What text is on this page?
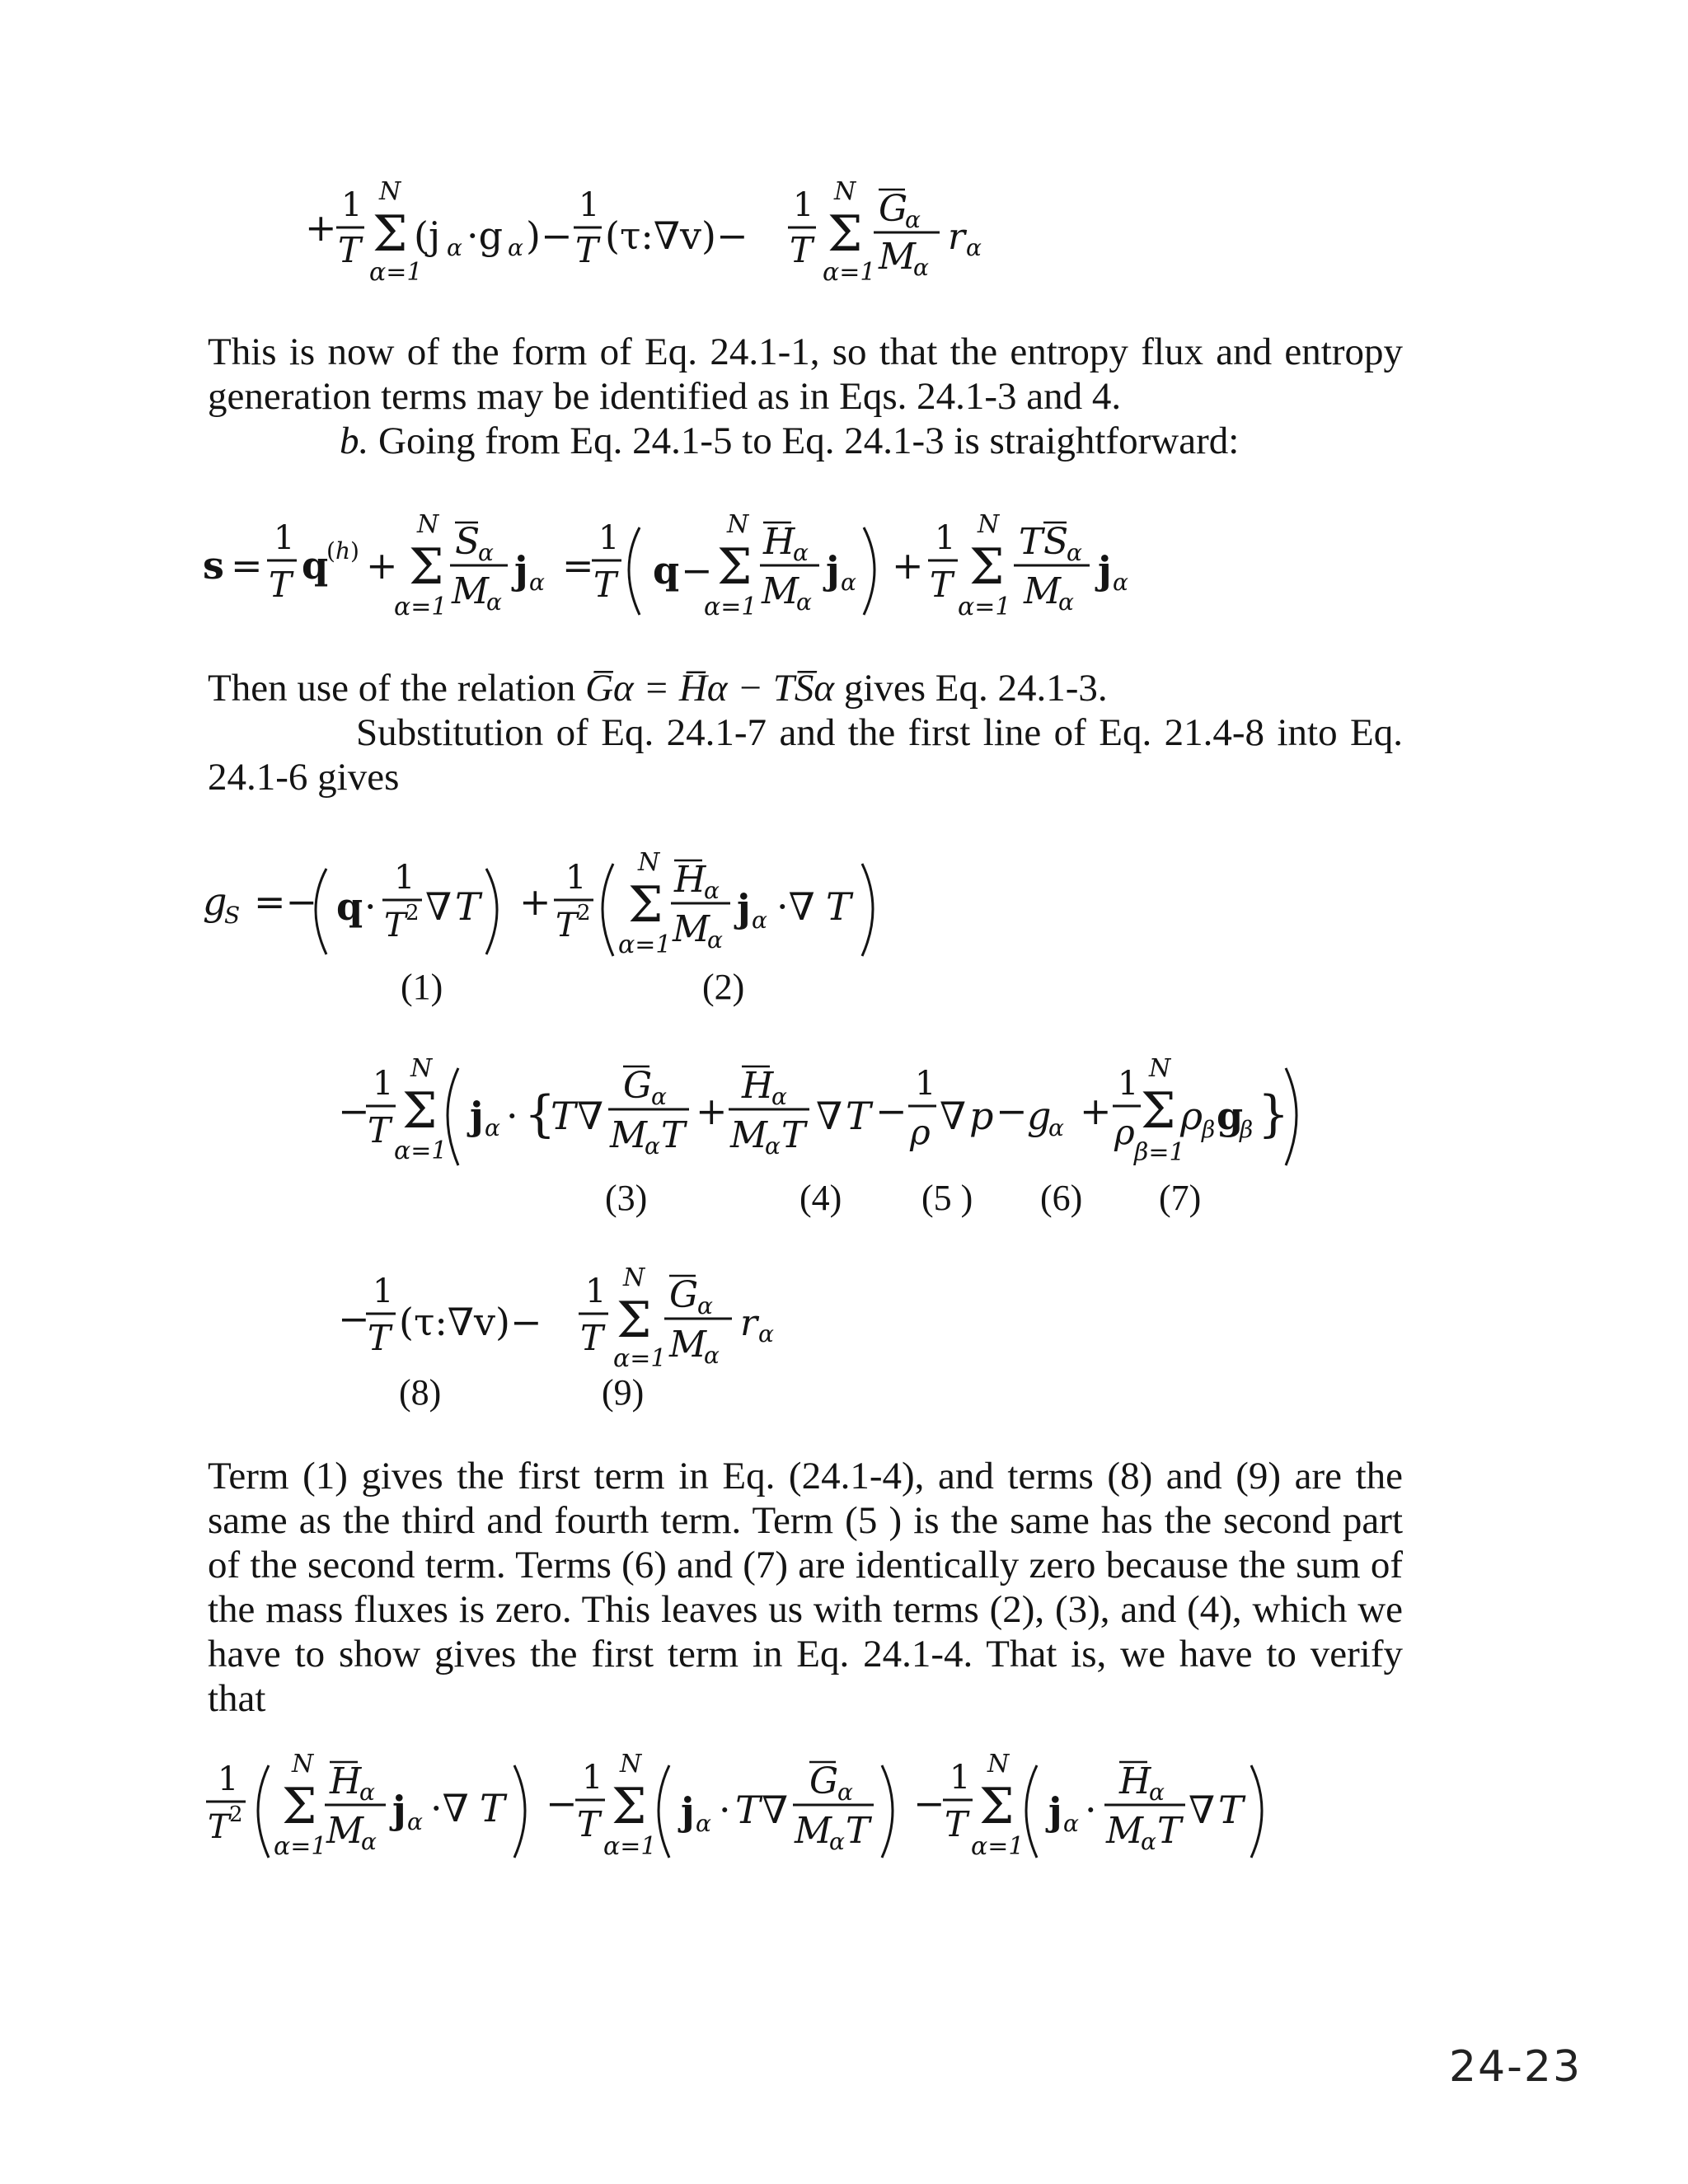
+ 1
T
N
Σ
α=1
(j α ·g α )−
1
T (τ:∇v)−
1
T
N
Σ
α=1
G
α
M
α
r α
This is now of the form of Eq. 24.1-1, so that the entropy flux and entropy generation terms may be identified as in Eqs. 24.1-3 and 4.
b. Going from Eq. 24.1-5 to Eq. 24.1-3 is straightforward:
s =
1
T q
(h) +
N
Σ
α=1
S
α
M
α
j α =
1
T q −
N
Σ
α=1
H
α
M
α
j α +
1
T
N
Σ
α=1
T S
α
M
α
j α
Then use of the relation G̅α = H̅α − TS̅α gives Eq. 24.1-3.
Substitution of Eq. 24.1-7 and the first line of Eq. 21.4-8 into Eq. 24.1-6 gives
g
S =− q ·
1
T 2 ∇ T +
1
T 2
N
Σ
α=1
H
α
M
α
j α ·∇ T
(1)	(2)
−
1
T
N
Σ
α=1
j α · {
T ∇
G
α
M
α T
+
H
α
M
α T ∇ T −
1
ρ ∇ p − g
α +
1
ρ
N
Σ
β=1
ρ
β g
β }
(3)	(4) (5 ) (6) (7)
−
1
T (τ:∇v)−
1
T
N
Σ
α=1
G
α
M
α
r α
(8)	(9)
Term (1) gives the first term in Eq. (24.1-4), and terms (8) and (9) are the same as the third and fourth term. Term (5 ) is the same has the second part of the second term. Terms (6) and (7) are identically zero because the sum of the mass fluxes is zero. This leaves us with terms (2), (3), and (4), which we have to show gives the first term in Eq. 24.1-4. That is, we have to verify that
1
T 2
N
Σ
α=1
H
α
M
α
j α ·∇ T −
1
T
N
Σ
α=1
j α · T ∇
G
α
M
α T
−
1
T
N
Σ
α=1
j α ·
H
α
M
α T ∇ T
24-23
